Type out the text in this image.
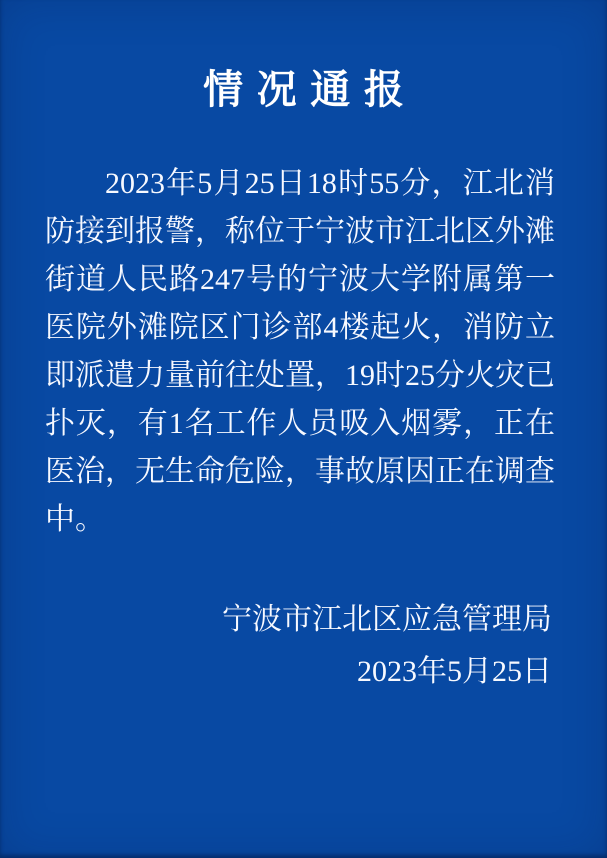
情况通报

2023年5月25日18时55分，江北消防接到报警，称位于宁波市江北区外滩街道人民路247号的宁波大学附属第一医院外滩院区门诊部4楼起火，消防立即派遣力量前往处置，19时25分火灾已扑灭，有1名工作人员吸入烟雾，正在医治，无生命危险，事故原因正在调查中。

宁波市江北区应急管理局
2023年5月25日
